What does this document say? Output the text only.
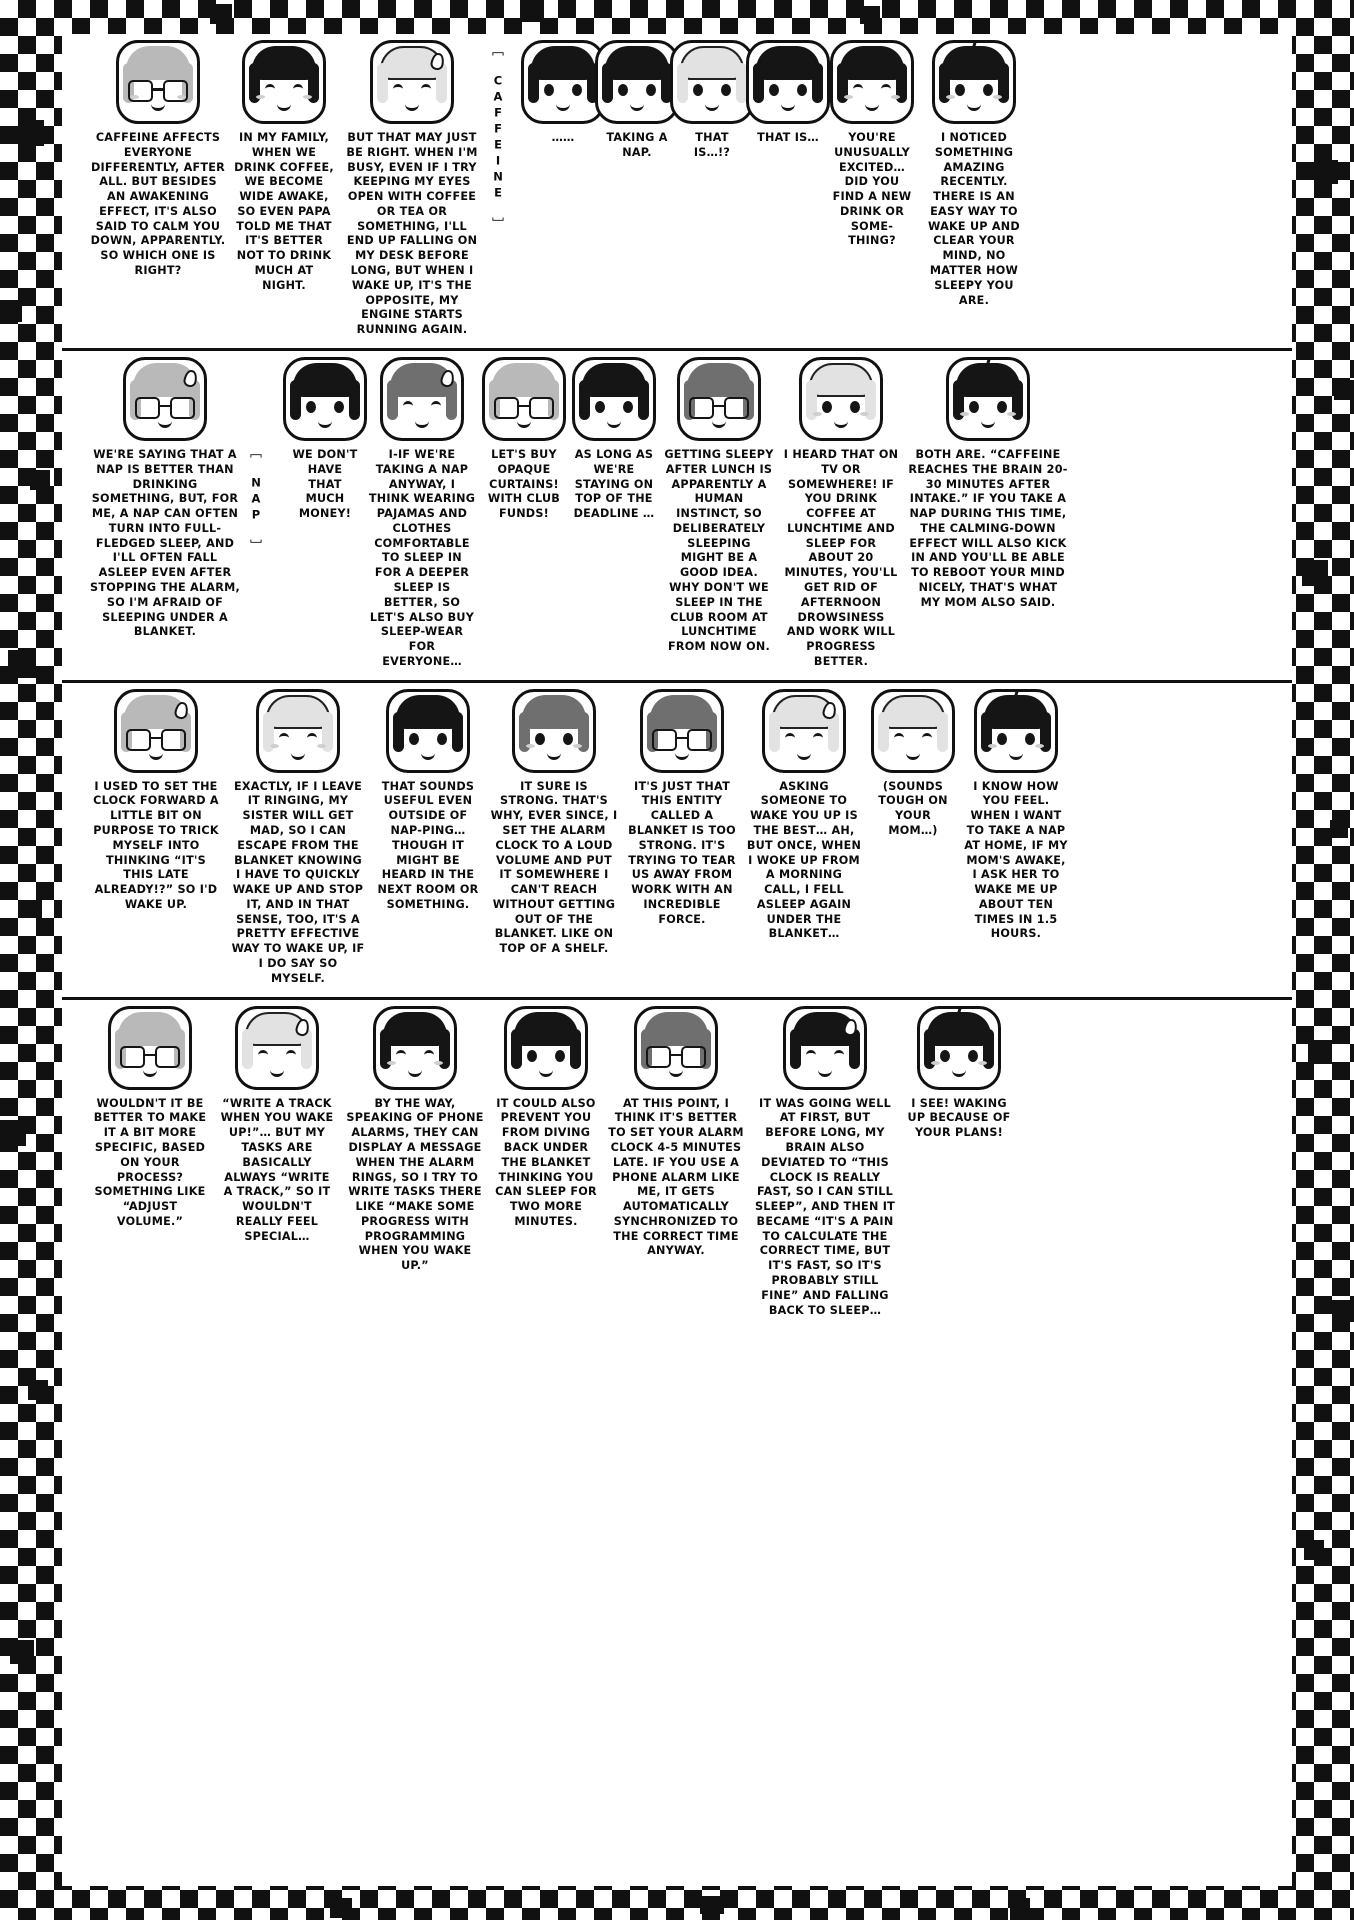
CAFFEINE AFFECTS EVERYONE DIFFERENTLY, AFTER ALL. BUT BESIDES AN AWAKENING EFFECT, IT'S ALSO SAID TO CALM YOU DOWN, APPARENTLY. SO WHICH ONE IS RIGHT?
IN MY FAMILY, WHEN WE DRINK COFFEE, WE BECOME WIDE AWAKE, SO EVEN PAPA TOLD ME THAT IT'S BETTER NOT TO DRINK MUCH AT NIGHT.
BUT THAT MAY JUST BE RIGHT. WHEN I'M BUSY, EVEN IF I TRY KEEPING MY EYES OPEN WITH COFFEE OR TEA OR SOMETHING, I'LL END UP FALLING ON MY DESK BEFORE LONG, BUT WHEN I WAKE UP, IT'S THE OPPOSITE, MY ENGINE STARTS RUNNING AGAIN.
［ CAFFEINE ］	……	TAKING A NAP.
THAT IS…!?
THAT IS…	YOU'RE UNUSUALLY EXCITED… DID YOU FIND A NEW DRINK OR SOME-THING?
I NOTICED SOMETHING AMAZING RECENTLY. THERE IS AN EASY WAY TO WAKE UP AND CLEAR YOUR MIND, NO MATTER HOW SLEEPY YOU ARE.
WE'RE SAYING THAT A NAP IS BETTER THAN DRINKING SOMETHING, BUT, FOR ME, A NAP CAN OFTEN TURN INTO FULL-FLEDGED SLEEP, AND I'LL OFTEN FALL ASLEEP EVEN AFTER STOPPING THE ALARM, SO I'M AFRAID OF SLEEPING UNDER A BLANKET.
［ NAP ］	WE DON'T HAVE THAT MUCH MONEY!
I-IF WE'RE TAKING A NAP ANYWAY, I THINK WEARING PAJAMAS AND CLOTHES COMFORTABLE TO SLEEP IN FOR A DEEPER SLEEP IS BETTER, SO LET'S ALSO BUY SLEEP-WEAR FOR EVERYONE…
LET'S BUY OPAQUE CURTAINS! WITH CLUB FUNDS!
AS LONG AS WE'RE STAYING ON TOP OF THE DEADLINE …
GETTING SLEEPY AFTER LUNCH IS APPARENTLY A HUMAN INSTINCT, SO DELIBERATELY SLEEPING MIGHT BE A GOOD IDEA. WHY DON'T WE SLEEP IN THE CLUB ROOM AT LUNCHTIME FROM NOW ON.
I HEARD THAT ON TV OR SOMEWHERE! IF YOU DRINK COFFEE AT LUNCHTIME AND SLEEP FOR ABOUT 20 MINUTES, YOU'LL GET RID OF AFTERNOON DROWSINESS AND WORK WILL PROGRESS BETTER.
BOTH ARE. “CAFFEINE REACHES THE BRAIN 20-30 MINUTES AFTER INTAKE.” IF YOU TAKE A NAP DURING THIS TIME, THE CALMING-DOWN EFFECT WILL ALSO KICK IN AND YOU'LL BE ABLE TO REBOOT YOUR MIND NICELY, THAT'S WHAT MY MOM ALSO SAID.
I USED TO SET THE CLOCK FORWARD A LITTLE BIT ON PURPOSE TO TRICK MYSELF INTO THINKING “IT'S THIS LATE ALREADY!?” SO I'D WAKE UP.
EXACTLY, IF I LEAVE IT RINGING, MY SISTER WILL GET MAD, SO I CAN ESCAPE FROM THE BLANKET KNOWING I HAVE TO QUICKLY WAKE UP AND STOP IT, AND IN THAT SENSE, TOO, IT'S A PRETTY EFFECTIVE WAY TO WAKE UP, IF I DO SAY SO MYSELF.
THAT SOUNDS USEFUL EVEN OUTSIDE OF NAP-PING… THOUGH IT MIGHT BE HEARD IN THE NEXT ROOM OR SOMETHING.
IT SURE IS STRONG. THAT'S WHY, EVER SINCE, I SET THE ALARM CLOCK TO A LOUD VOLUME AND PUT IT SOMEWHERE I CAN'T REACH WITHOUT GETTING OUT OF THE BLANKET. LIKE ON TOP OF A SHELF.
IT'S JUST THAT THIS ENTITY CALLED A BLANKET IS TOO STRONG. IT'S TRYING TO TEAR US AWAY FROM WORK WITH AN INCREDIBLE FORCE.
ASKING SOMEONE TO WAKE YOU UP IS THE BEST… AH, BUT ONCE, WHEN I WOKE UP FROM A MORNING CALL, I FELL ASLEEP AGAIN UNDER THE BLANKET…
(SOUNDS TOUGH ON YOUR MOM…)
I KNOW HOW YOU FEEL. WHEN I WANT TO TAKE A NAP AT HOME, IF MY MOM'S AWAKE, I ASK HER TO WAKE ME UP ABOUT TEN TIMES IN 1.5 HOURS.
WOULDN'T IT BE BETTER TO MAKE IT A BIT MORE SPECIFIC, BASED ON YOUR PROCESS? SOMETHING LIKE “ADJUST VOLUME.”
“WRITE A TRACK WHEN YOU WAKE UP!”… BUT MY TASKS ARE BASICALLY ALWAYS “WRITE A TRACK,” SO IT WOULDN'T REALLY FEEL SPECIAL…
BY THE WAY, SPEAKING OF PHONE ALARMS, THEY CAN DISPLAY A MESSAGE WHEN THE ALARM RINGS, SO I TRY TO WRITE TASKS THERE LIKE “MAKE SOME PROGRESS WITH PROGRAMMING WHEN YOU WAKE UP.”
IT COULD ALSO PREVENT YOU FROM DIVING BACK UNDER THE BLANKET THINKING YOU CAN SLEEP FOR TWO MORE MINUTES.
AT THIS POINT, I THINK IT'S BETTER TO SET YOUR ALARM CLOCK 4-5 MINUTES LATE. IF YOU USE A PHONE ALARM LIKE ME, IT GETS AUTOMATICALLY SYNCHRONIZED TO THE CORRECT TIME ANYWAY.
IT WAS GOING WELL AT FIRST, BUT BEFORE LONG, MY BRAIN ALSO DEVIATED TO “THIS CLOCK IS REALLY FAST, SO I CAN STILL SLEEP”, AND THEN IT BECAME “IT'S A PAIN TO CALCULATE THE CORRECT TIME, BUT IT'S FAST, SO IT'S PROBABLY STILL FINE” AND FALLING BACK TO SLEEP…
I SEE! WAKING UP BECAUSE OF YOUR PLANS!
